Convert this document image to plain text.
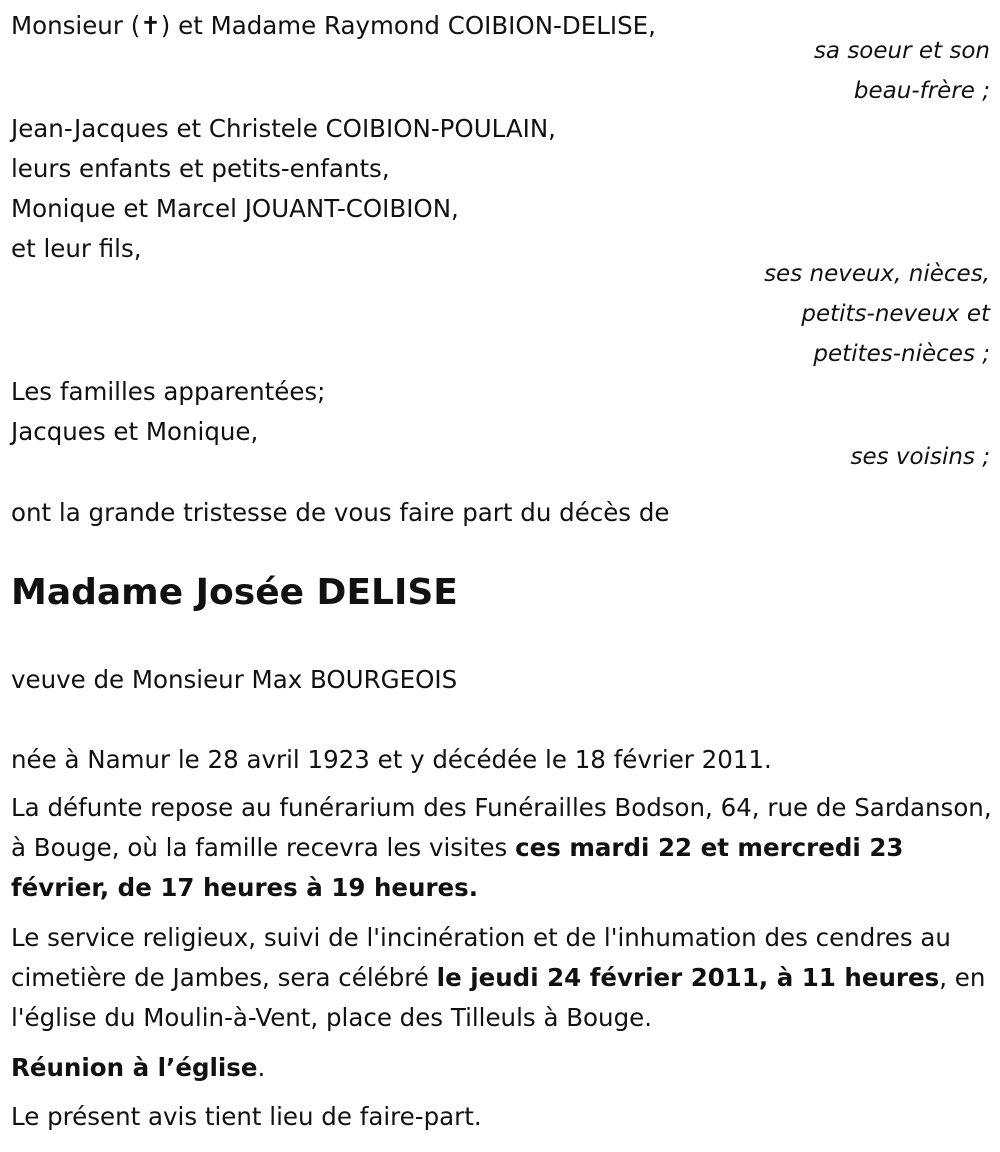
Monsieur (✝) et Madame Raymond COIBION-DELISE,
sa soeur et son
beau-frère ;
Jean-Jacques et Christele COIBION-POULAIN,
leurs enfants et petits-enfants,
Monique et Marcel JOUANT-COIBION,
et leur fils,
ses neveux, nièces,
petits-neveux et
petites-nièces ;
Les familles apparentées;
Jacques et Monique,
ses voisins ;
ont la grande tristesse de vous faire part du décès de
Madame Josée DELISE
veuve de Monsieur Max BOURGEOIS
née à Namur le 28 avril 1923 et y décédée le 18 février 2011.
La défunte repose au funérarium des Funérailles Bodson, 64, rue de Sardanson, à Bouge, où la famille recevra les visites ces mardi 22 et mercredi 23 février, de 17 heures à 19 heures.
Le service religieux, suivi de l'incinération et de l'inhumation des cendres au cimetière de Jambes, sera célébré le jeudi 24 février 2011, à 11 heures, en l'église du Moulin-à-Vent, place des Tilleuls à Bouge.
Réunion à l’église.
Le présent avis tient lieu de faire-part.
